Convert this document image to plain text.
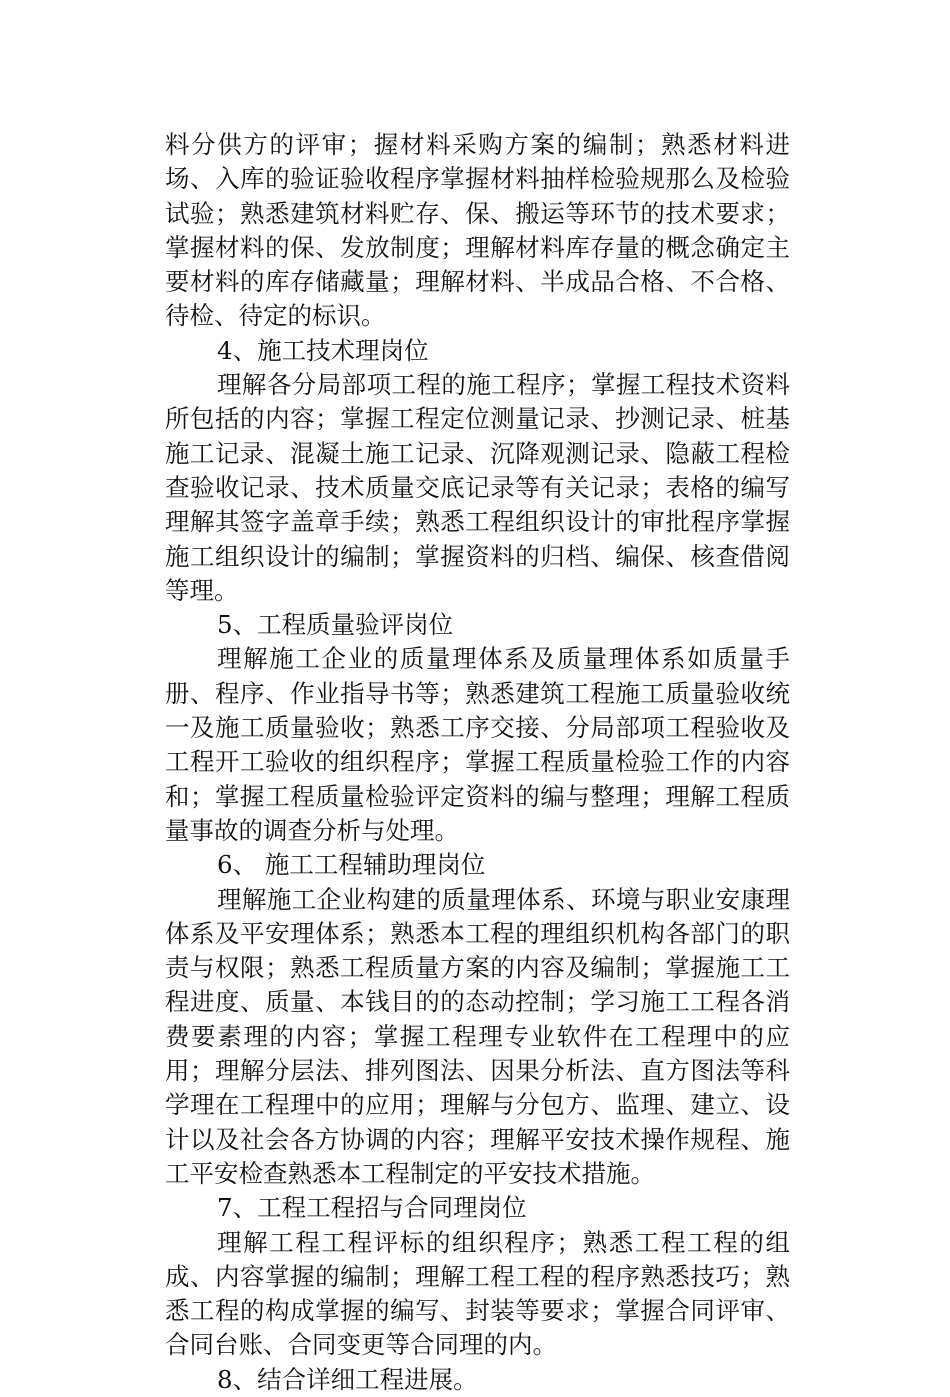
料分供方的评审；握材料采购方案的编制；熟悉材料进场、入库的验证验收程序掌握材料抽样检验规那么及检验试验；熟悉建筑材料贮存、保、搬运等环节的技术要求；掌握材料的保、发放制度；理解材料库存量的概念确定主要材料的库存储藏量；理解材料、半成品合格、不合格、待检、待定的标识。

4、施工技术理岗位

理解各分局部项工程的施工程序；掌握工程技术资料所包括的内容；掌握工程定位测量记录、抄测记录、桩基施工记录、混凝土施工记录、沉降观测记录、隐蔽工程检查验收记录、技术质量交底记录等有关记录；表格的编写理解其签字盖章手续；熟悉工程组织设计的审批程序掌握施工组织设计的编制；掌握资料的归档、编保、核查借阅等理。

5、工程质量验评岗位

理解施工企业的质量理体系及质量理体系如质量手册、程序、作业指导书等；熟悉建筑工程施工质量验收统一及施工质量验收；熟悉工序交接、分局部项工程验收及工程开工验收的组织程序；掌握工程质量检验工作的内容和；掌握工程质量检验评定资料的编与整理；理解工程质量事故的调查分析与处理。

6、 施工工程辅助理岗位

理解施工企业构建的质量理体系、环境与职业安康理体系及平安理体系；熟悉本工程的理组织机构各部门的职责与权限；熟悉工程质量方案的内容及编制；掌握施工工程进度、质量、本钱目的的态动控制；学习施工工程各消费要素理的内容；掌握工程理专业软件在工程理中的应用；理解分层法、排列图法、因果分析法、直方图法等科学理在工程理中的应用；理解与分包方、监理、建立、设计以及社会各方协调的内容；理解平安技术操作规程、施工平安检查熟悉本工程制定的平安技术措施。

7、工程工程招与合同理岗位

理解工程工程评标的组织程序；熟悉工程工程的组成、内容掌握的编制；理解工程工程的程序熟悉技巧；熟悉工程的构成掌握的编写、封装等要求；掌握合同评审、合同台账、合同变更等合同理的内。

8、结合详细工程进展。
